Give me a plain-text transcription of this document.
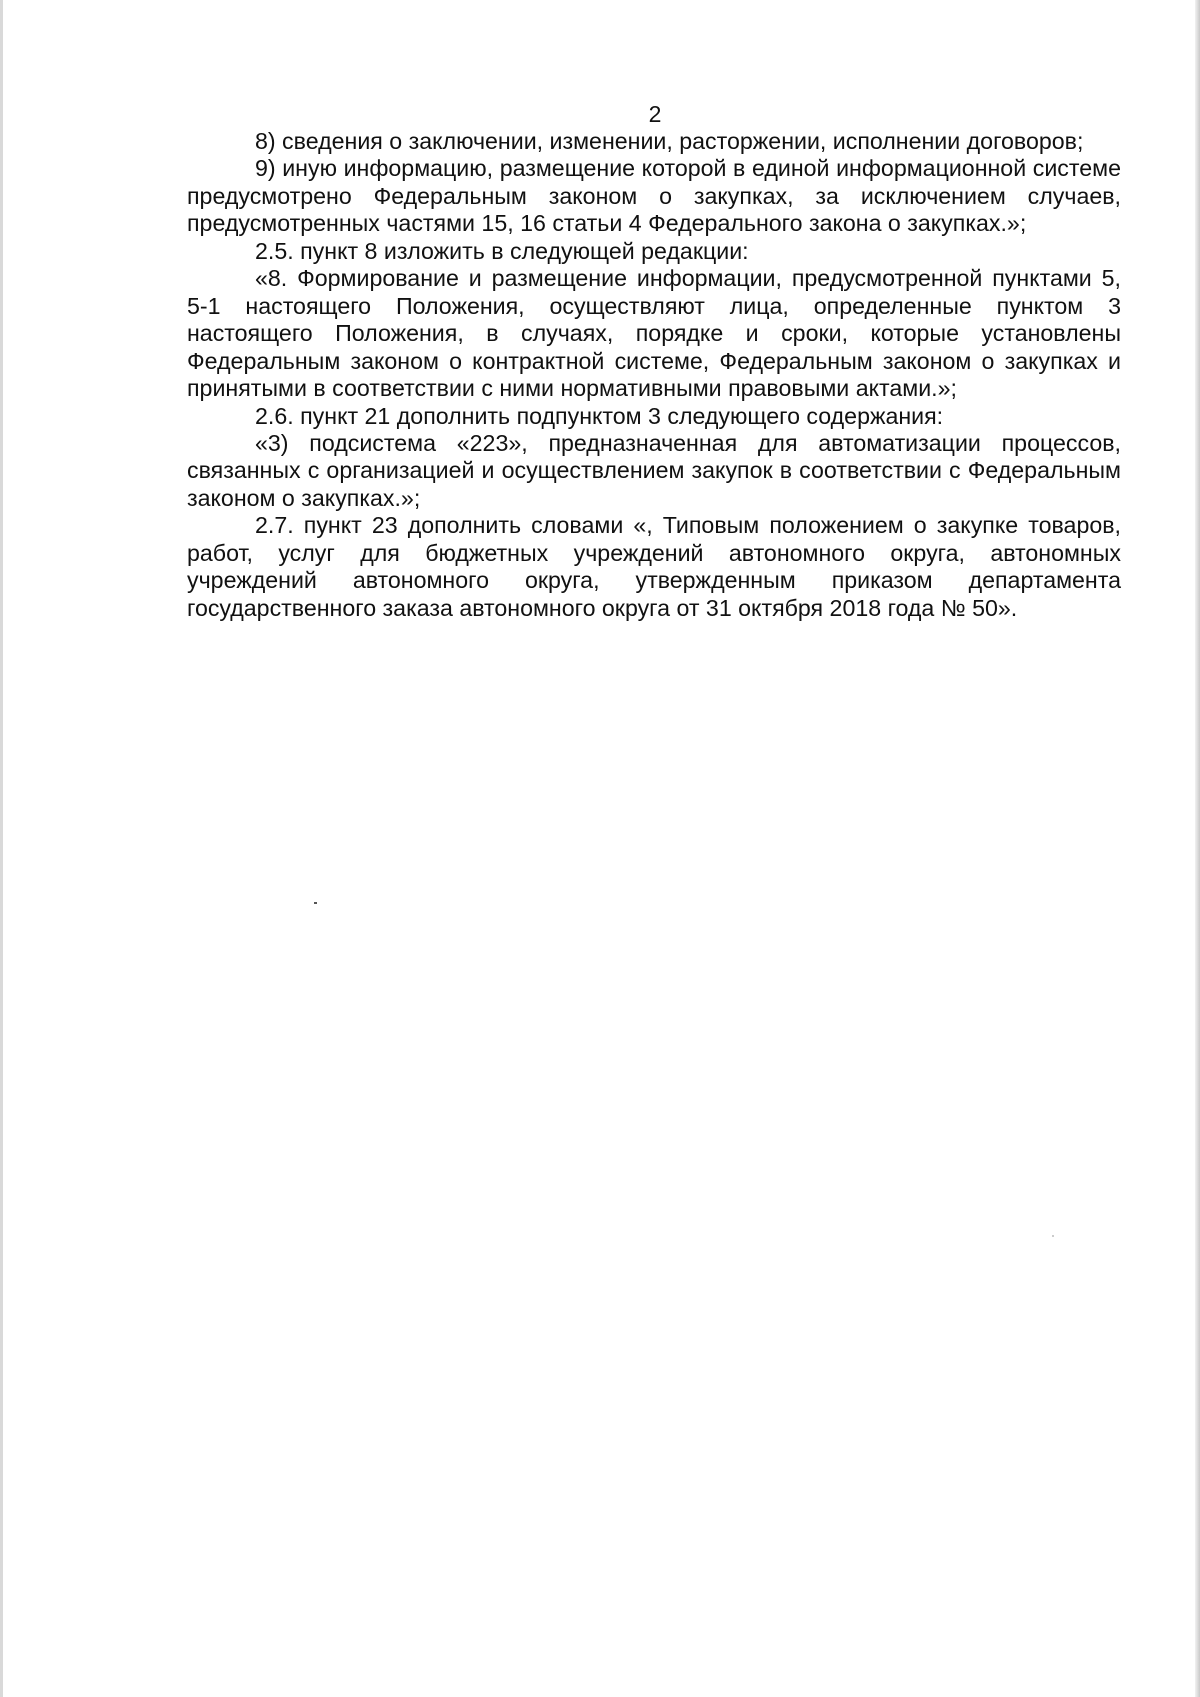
2

8) сведения о заключении, изменении, расторжении, исполнении договоров;

9) иную информацию, размещение которой в единой информационной системе предусмотрено Федеральным законом о закупках, за исключением случаев, предусмотренных частями 15, 16 статьи 4 Федерального закона о закупках.»;

2.5. пункт 8 изложить в следующей редакции:

«8. Формирование и размещение информации, предусмотренной пунктами 5, 5-1 настоящего Положения, осуществляют лица, определенные пунктом 3 настоящего Положения, в случаях, порядке и сроки, которые установлены Федеральным законом о контрактной системе, Федеральным законом о закупках и принятыми в соответствии с ними нормативными правовыми актами.»;

2.6. пункт 21 дополнить подпунктом 3 следующего содержания:

«3) подсистема «223», предназначенная для автоматизации процессов, связанных с организацией и осуществлением закупок в соответствии с Федеральным законом о закупках.»;

2.7. пункт 23 дополнить словами «, Типовым положением о закупке товаров, работ, услуг для бюджетных учреждений автономного округа, автономных учреждений автономного округа, утвержденным приказом департамента государственного заказа автономного округа от 31 октября 2018 года № 50».
